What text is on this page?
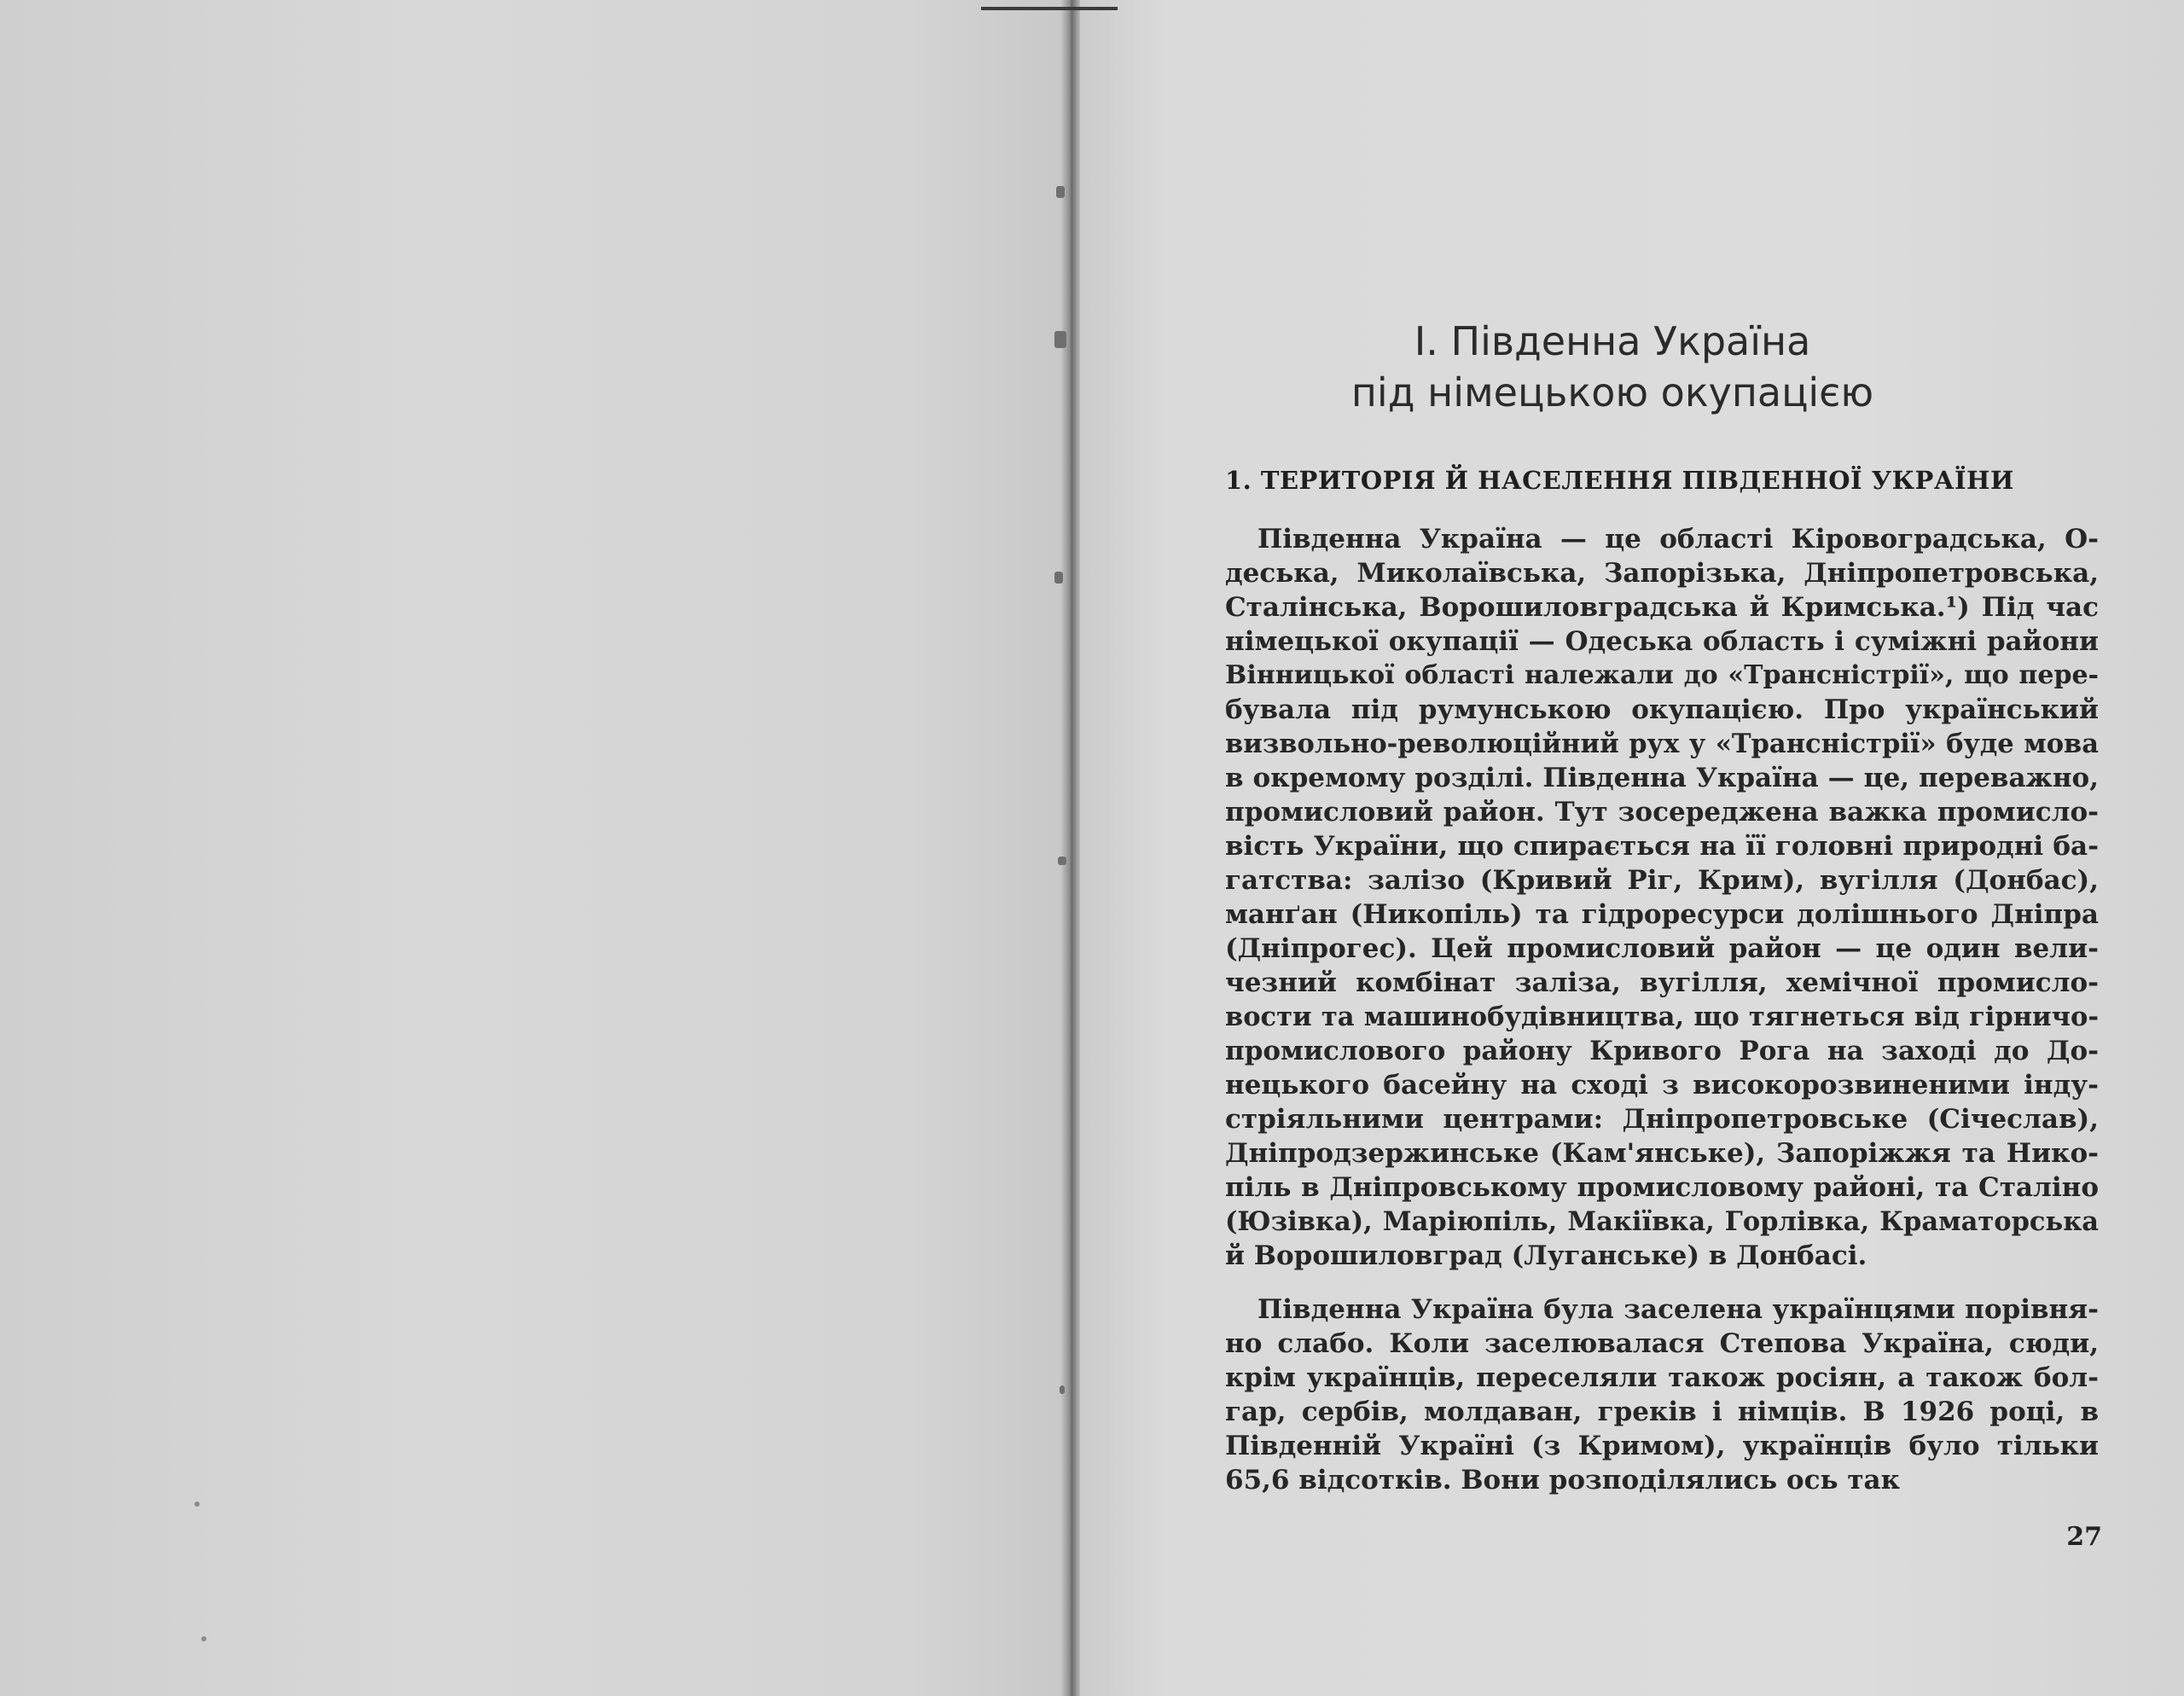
I. Південна Україна
під німецькою окупацією
1. ТЕРИТОРІЯ Й НАСЕЛЕННЯ ПІВДЕННОЇ УКРАЇНИ
Південна Україна — це області Кіровоградська, О-
деська, Миколаївська, Запорізька, Дніпропетровська,
Сталінська, Ворошиловградська й Кримська.¹) Під час
німецької окупації — Одеська область і суміжні райони
Вінницької області належали до «Трансністрії», що пере-
бувала під румунською окупацією. Про український
визвольно-революційний рух у «Трансністрії» буде мова
в окремому розділі. Південна Україна — це, переважно,
промисловий район. Тут зосереджена важка промисло-
вість України, що спирається на її головні природні ба-
гатства: залізо (Кривий Ріг, Крим), вугілля (Донбас),
манґан (Никопіль) та гідроресурси долішнього Дніпра
(Дніпрогес). Цей промисловий район — це один вели-
чезний комбінат заліза, вугілля, хемічної промисло-
вости та машинобудівництва, що тягнеться від гірничо-
промислового району Кривого Рога на заході до До-
нецького басейну на сході з високорозвиненими інду-
стріяльними центрами: Дніпропетровське (Січеслав),
Дніпродзержинське (Кам'янське), Запоріжжя та Нико-
піль в Дніпровському промисловому районі, та Сталіно
(Юзівка), Маріюпіль, Макіївка, Горлівка, Краматорська
й Ворошиловград (Луганське) в Донбасі.
Південна Україна була заселена українцями порівня-
но слабо. Коли заселювалася Степова Україна, сюди,
крім українців, переселяли також росіян, а також бол-
гар, сербів, молдаван, греків і німців. В 1926 році, в
Південній Україні (з Кримом), українців було тільки
65,6 відсотків. Вони розподілялись ось так
27
